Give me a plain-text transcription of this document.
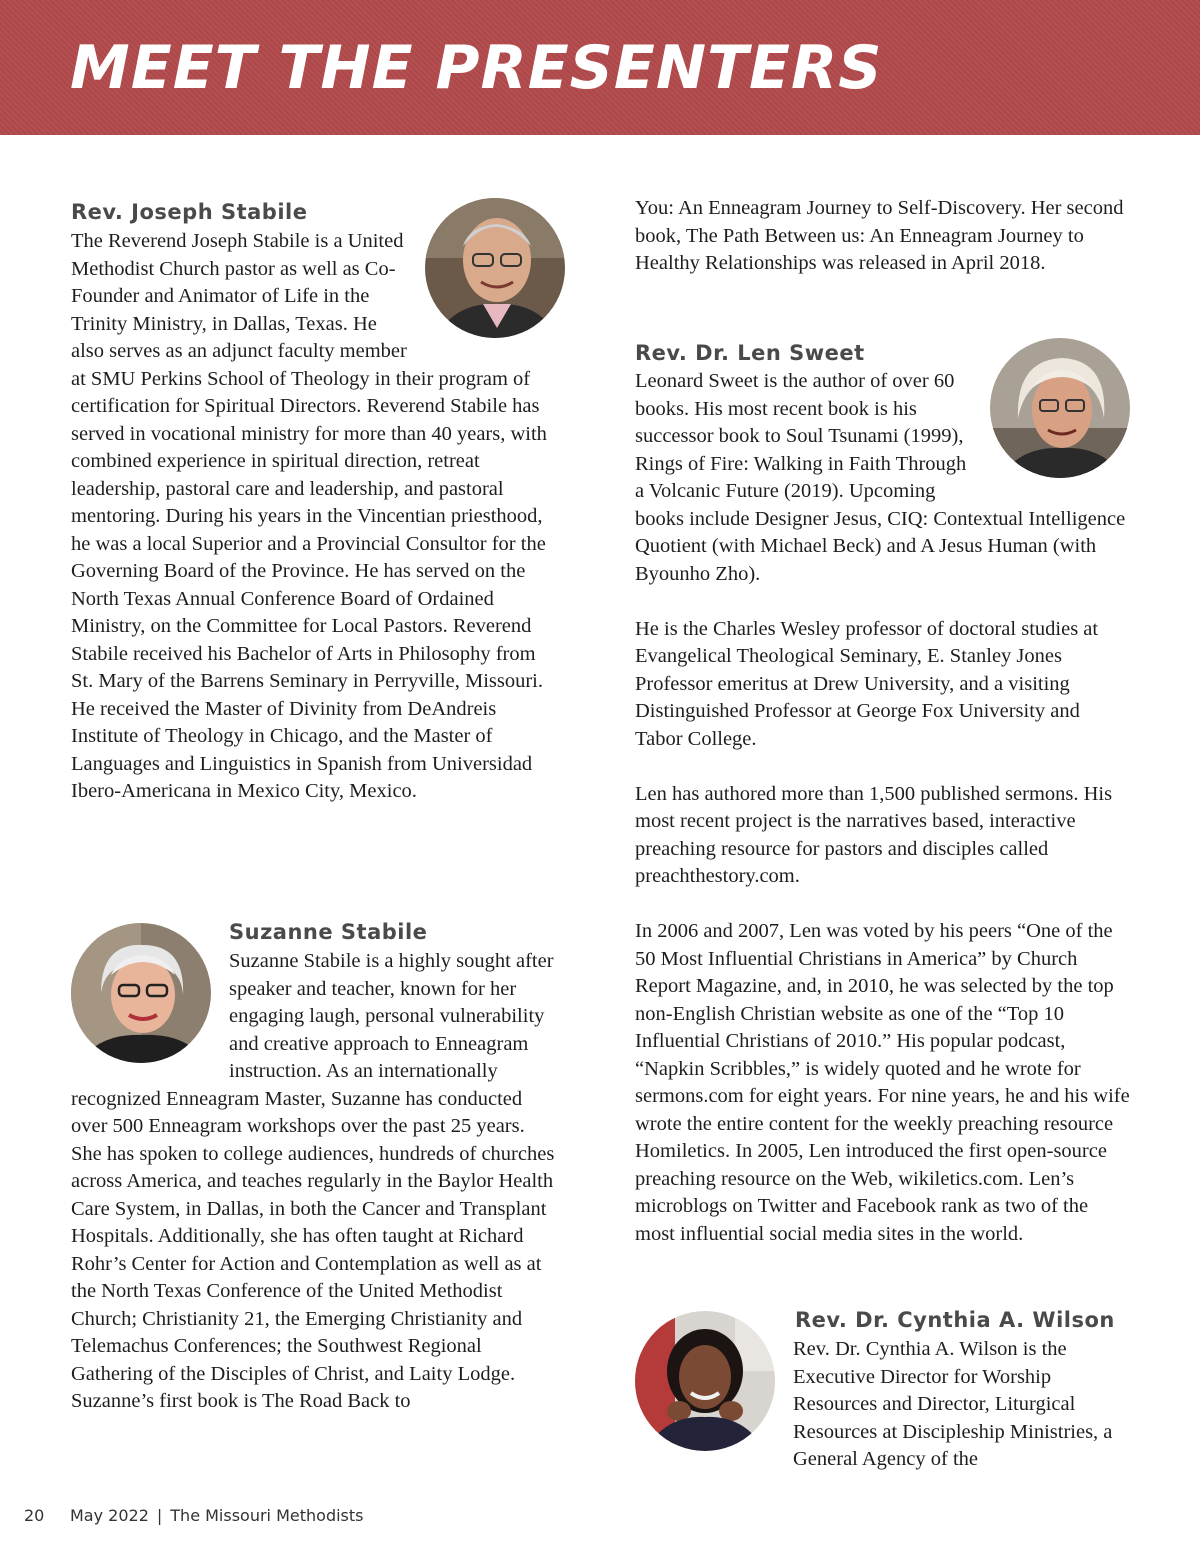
MEET THE PRESENTERS
Rev. Joseph Stabile

The Reverend Joseph Stabile is a United Methodist Church pastor as well as Co-Founder and Animator of Life in the Trinity Ministry, in Dallas, Texas. He also serves as an adjunct faculty member at SMU Perkins School of Theology in their program of certification for Spiritual Directors. Reverend Stabile has served in vocational ministry for more than 40 years, with combined experience in spiritual direction, retreat leadership, pastoral care and leadership, and pastoral mentoring. During his years in the Vincentian priesthood, he was a local Superior and a Provincial Consultor for the Governing Board of the Province. He has served on the North Texas Annual Conference Board of Ordained Ministry, on the Committee for Local Pastors. Reverend Stabile received his Bachelor of Arts in Philosophy from St. Mary of the Barrens Seminary in Perryville, Missouri. He received the Master of Divinity from DeAndreis Institute of Theology in Chicago, and the Master of Languages and Linguistics in Spanish from Universidad Ibero-Americana in Mexico City, Mexico.

Suzanne Stabile

Suzanne Stabile is a highly sought after speaker and teacher, known for her engaging laugh, personal vulnerability and creative approach to Enneagram instruction. As an internationally recognized Enneagram Master, Suzanne has conducted over 500 Enneagram workshops over the past 25 years. She has spoken to college audiences, hundreds of churches across America, and teaches regularly in the Baylor Health Care System, in Dallas, in both the Cancer and Transplant Hospitals. Additionally, she has often taught at Richard Rohr’s Center for Action and Contemplation as well as at the North Texas Conference of the United Methodist Church; Christianity 21, the Emerging Christianity and Telemachus Conferences; the Southwest Regional Gathering of the Disciples of Christ, and Laity Lodge. Suzanne’s first book is The Road Back to

You: An Enneagram Journey to Self-Discovery. Her second book, The Path Between us: An Enneagram Journey to Healthy Relationships was released in April 2018.

Rev. Dr. Len Sweet

Leonard Sweet is the author of over 60 books. His most recent book is his successor book to Soul Tsunami (1999), Rings of Fire: Walking in Faith Through a Volcanic Future (2019). Upcoming books include Designer Jesus, CIQ: Contextual Intelligence Quotient (with Michael Beck) and A Jesus Human (with Byounho Zho).

He is the Charles Wesley professor of doctoral studies at Evangelical Theological Seminary, E. Stanley Jones Professor emeritus at Drew University, and a visiting Distinguished Professor at George Fox University and Tabor College.

Len has authored more than 1,500 published sermons. His most recent project is the narratives based, interactive preaching resource for pastors and disciples called preachthestory.com.

In 2006 and 2007, Len was voted by his peers “One of the 50 Most Influential Christians in America” by Church Report Magazine, and, in 2010, he was selected by the top non-English Christian website as one of the “Top 10 Influential Christians of 2010.” His popular podcast, “Napkin Scribbles,” is widely quoted and he wrote for sermons.com for eight years. For nine years, he and his wife wrote the entire content for the weekly preaching resource Homiletics. In 2005, Len introduced the first open-source preaching resource on the Web, wikiletics.com. Len’s microblogs on Twitter and Facebook rank as two of the most influential social media sites in the world.

Rev. Dr. Cynthia A. Wilson

Rev. Dr. Cynthia A. Wilson is the Executive Director for Worship Resources and Director, Liturgical Resources at Discipleship Ministries, a General Agency of the

20 May 2022 | The Missouri Methodists
